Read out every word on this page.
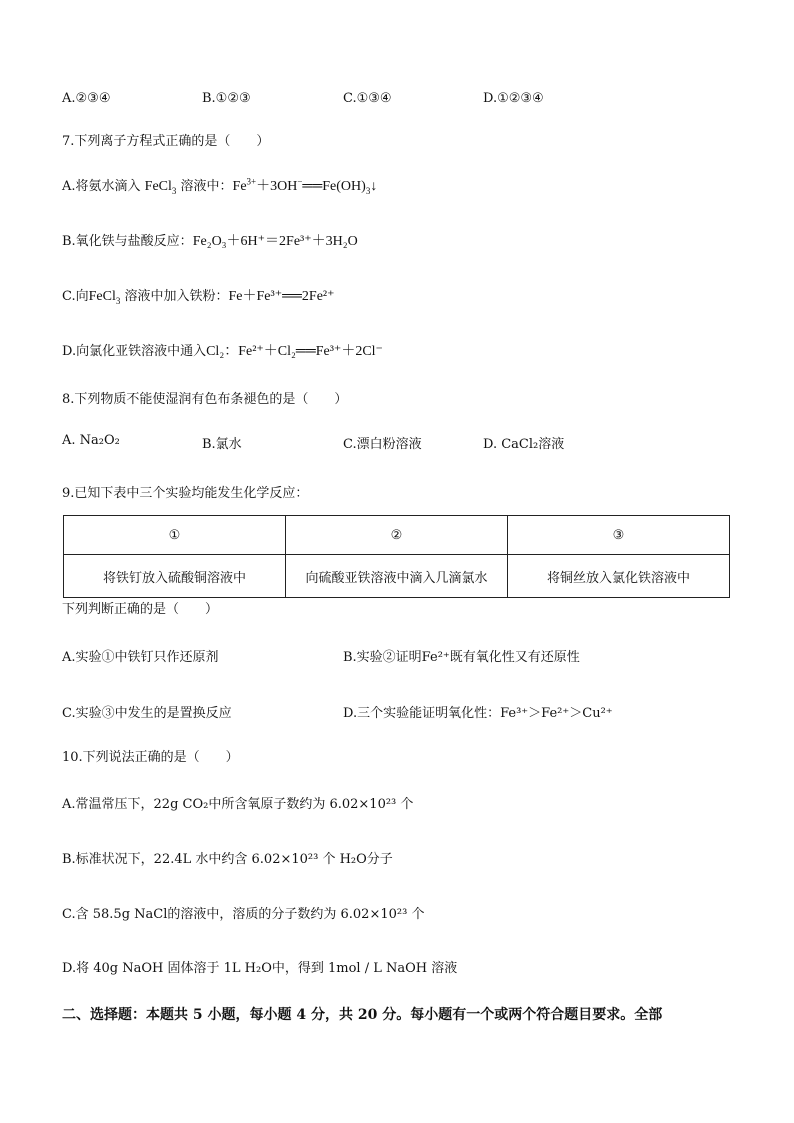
A.②③④	B.①②③	C.①③④	D.①②③④
7.下列离子方程式正确的是（　　）
A.将氨水滴入 FeCl$_3$ 溶液中：$Fe^{3+}+3OH^-══Fe(OH)_3↓$
B.氧化铁与盐酸反应：Fe₂O₃＋6H⁺＝2Fe³⁺＋3H₂O
C.向FeCl$_3$ 溶液中加入铁粉：Fe＋Fe³⁺══2Fe²⁺
D.向氯化亚铁溶液中通入Cl₂：Fe²⁺＋Cl₂══Fe³⁺＋2Cl⁻
8.下列物质不能使湿润有色布条褪色的是（　　）
A. Na₂O₂	B.氯水	C.漂白粉溶液	D. CaCl₂溶液
9.已知下表中三个实验均能发生化学反应：
①	②	③
将铁钉放入硫酸铜溶液中	向硫酸亚铁溶液中滴入几滴氯水	将铜丝放入氯化铁溶液中
下列判断正确的是（　　）
A.实验①中铁钉只作还原剂	B.实验②证明Fe²⁺既有氧化性又有还原性
C.实验③中发生的是置换反应	D.三个实验能证明氧化性：Fe³⁺＞Fe²⁺＞Cu²⁺
10.下列说法正确的是（　　）
A.常温常压下，22g CO₂中所含氧原子数约为 6.02×10²³ 个
B.标准状况下，22.4L 水中约含 6.02×10²³ 个 H₂O分子
C.含 58.5g NaCl的溶液中，溶质的分子数约为 6.02×10²³ 个
D.将 40g NaOH 固体溶于 1L H₂O中，得到 1mol / L NaOH 溶液
二、选择题：本题共 5 小题，每小题 4 分，共 20 分。每小题有一个或两个符合题目要求。全部
